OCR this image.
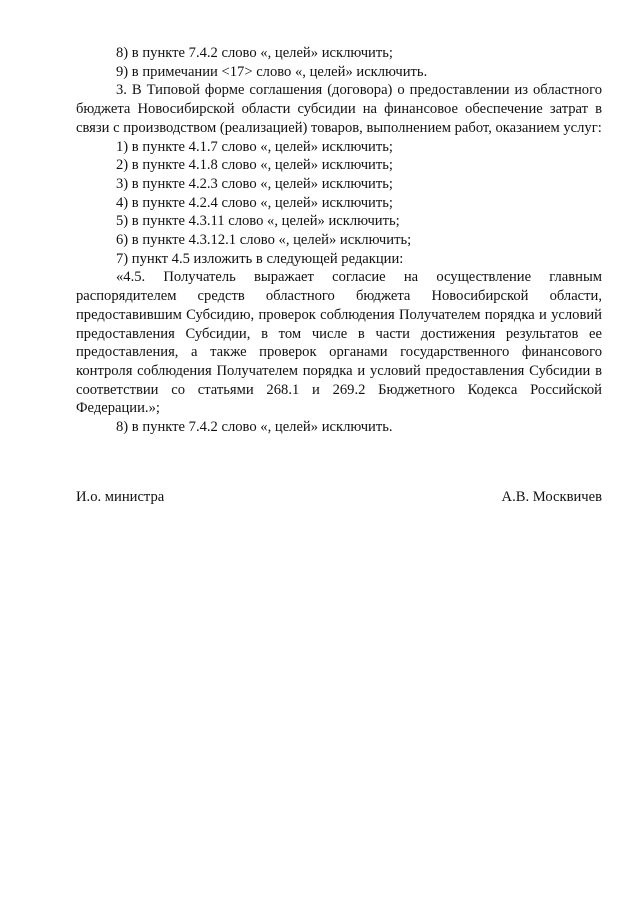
8) в пункте 7.4.2 слово «, целей» исключить;

9) в примечании <17> слово «, целей» исключить.

3. В Типовой форме соглашения (договора) о предоставлении из областного бюджета Новосибирской области субсидии на финансовое обеспечение затрат в связи с производством (реализацией) товаров, выполнением работ, оказанием услуг:

1) в пункте 4.1.7 слово «, целей» исключить;

2) в пункте 4.1.8 слово «, целей» исключить;

3) в пункте 4.2.3 слово «, целей» исключить;

4) в пункте 4.2.4 слово «, целей» исключить;

5) в пункте 4.3.11 слово «, целей» исключить;

6) в пункте 4.3.12.1 слово «, целей» исключить;

7) пункт 4.5 изложить в следующей редакции:

«4.5. Получатель выражает согласие на осуществление главным распорядителем средств областного бюджета Новосибирской области, предоставившим Субсидию, проверок соблюдения Получателем порядка и условий предоставления Субсидии, в том числе в части достижения результатов ее предоставления, а также проверок органами государственного финансового контроля соблюдения Получателем порядка и условий предоставления Субсидии в соответствии со статьями 268.1 и 269.2 Бюджетного Кодекса Российской Федерации.»;

8) в пункте 7.4.2 слово «, целей» исключить.

И.о. министра	А.В. Москвичев
